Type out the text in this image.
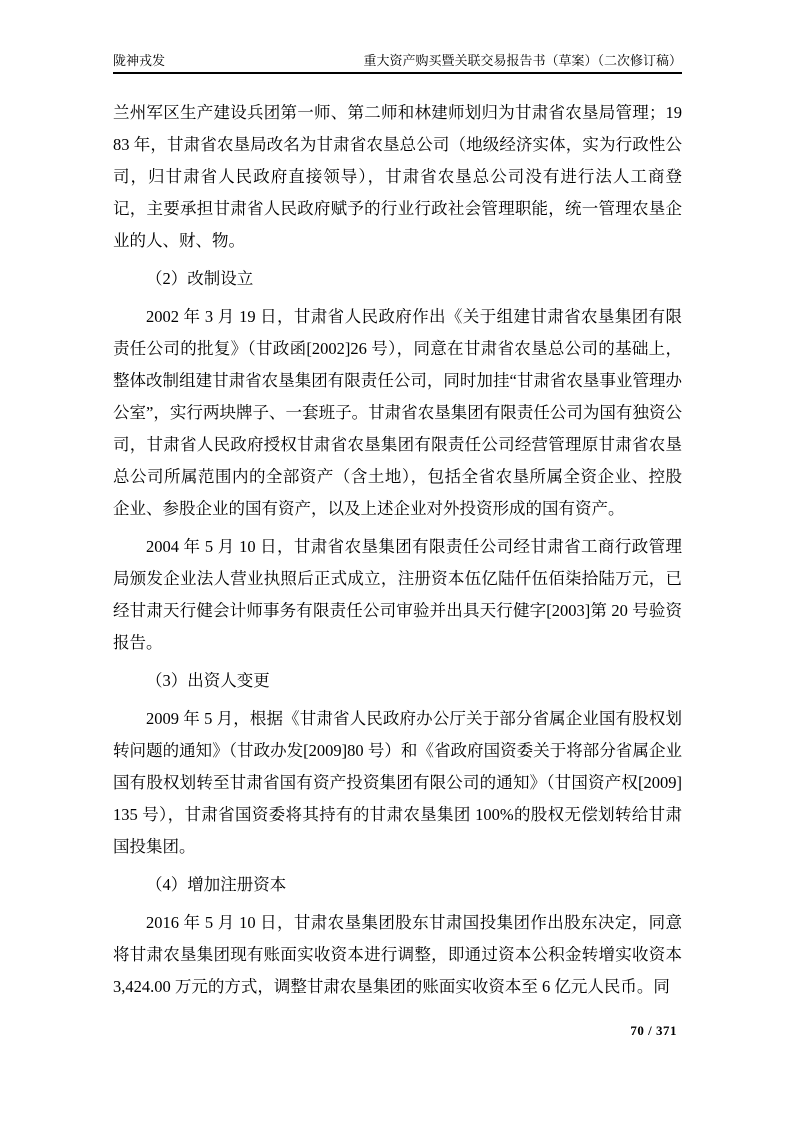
陇神戎发	重大资产购买暨关联交易报告书（草案）（二次修订稿）

兰州军区生产建设兵团第一师、第二师和林建师划归为甘肃省农垦局管理；1983 年，甘肃省农垦局改名为甘肃省农垦总公司（地级经济实体，实为行政性公司，归甘肃省人民政府直接领导），甘肃省农垦总公司没有进行法人工商登记，主要承担甘肃省人民政府赋予的行业行政社会管理职能，统一管理农垦企业的人、财、物。

（2）改制设立

2002 年 3 月 19 日，甘肃省人民政府作出《关于组建甘肃省农垦集团有限责任公司的批复》（甘政函[2002]26 号），同意在甘肃省农垦总公司的基础上，整体改制组建甘肃省农垦集团有限责任公司，同时加挂“甘肃省农垦事业管理办公室”，实行两块牌子、一套班子。甘肃省农垦集团有限责任公司为国有独资公司，甘肃省人民政府授权甘肃省农垦集团有限责任公司经营管理原甘肃省农垦总公司所属范围内的全部资产（含土地），包括全省农垦所属全资企业、控股企业、参股企业的国有资产，以及上述企业对外投资形成的国有资产。

2004 年 5 月 10 日，甘肃省农垦集团有限责任公司经甘肃省工商行政管理局颁发企业法人营业执照后正式成立，注册资本伍亿陆仟伍佰柒拾陆万元，已经甘肃天行健会计师事务有限责任公司审验并出具天行健字[2003]第 20 号验资报告。

（3）出资人变更

2009 年 5 月，根据《甘肃省人民政府办公厅关于部分省属企业国有股权划转问题的通知》（甘政办发[2009]80 号）和《省政府国资委关于将部分省属企业国有股权划转至甘肃省国有资产投资集团有限公司的通知》（甘国资产权[2009]135 号），甘肃省国资委将其持有的甘肃农垦集团 100%的股权无偿划转给甘肃国投集团。

（4）增加注册资本

2016 年 5 月 10 日，甘肃农垦集团股东甘肃国投集团作出股东决定，同意将甘肃农垦集团现有账面实收资本进行调整，即通过资本公积金转增实收资本 3,424.00 万元的方式，调整甘肃农垦集团的账面实收资本至 6 亿元人民币。同

70 / 371
